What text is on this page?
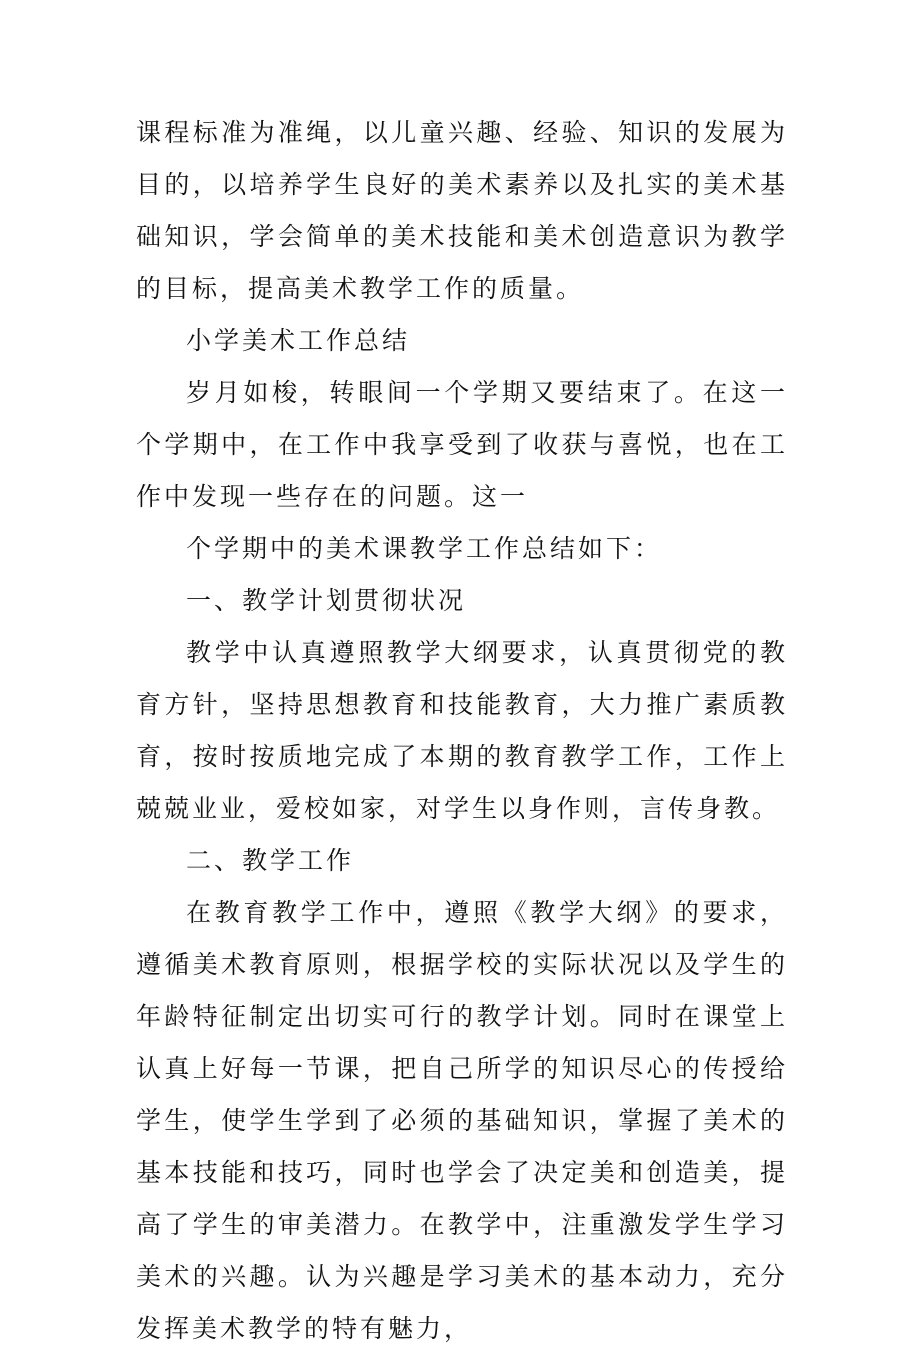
课程标准为准绳，以儿童兴趣、经验、知识的发展为目的，以培养学生良好的美术素养以及扎实的美术基础知识，学会简单的美术技能和美术创造意识为教学的目标，提高美术教学工作的质量。

小学美术工作总结

岁月如梭，转眼间一个学期又要结束了。在这一个学期中，在工作中我享受到了收获与喜悦，也在工作中发现一些存在的问题。这一

个学期中的美术课教学工作总结如下：

一、教学计划贯彻状况

教学中认真遵照教学大纲要求，认真贯彻党的教育方针，坚持思想教育和技能教育，大力推广素质教育，按时按质地完成了本期的教育教学工作，工作上兢兢业业，爱校如家，对学生以身作则，言传身教。

二、教学工作

在教育教学工作中，遵照《教学大纲》的要求，遵循美术教育原则，根据学校的实际状况以及学生的年龄特征制定出切实可行的教学计划。同时在课堂上认真上好每一节课，把自己所学的知识尽心的传授给学生，使学生学到了必须的基础知识，掌握了美术的基本技能和技巧，同时也学会了决定美和创造美，提高了学生的审美潜力。在教学中，注重激发学生学习美术的兴趣。认为兴趣是学习美术的基本动力，充分发挥美术教学的特有魅力，
